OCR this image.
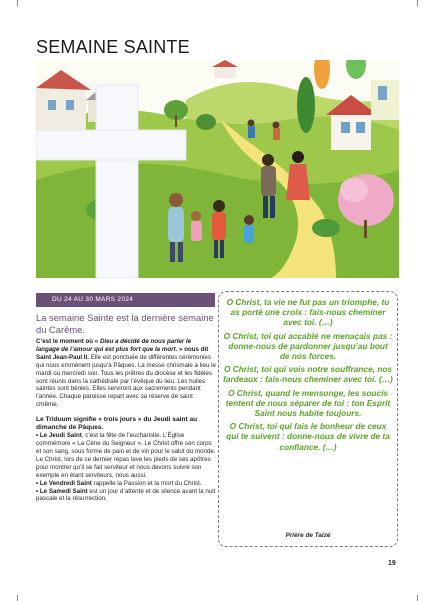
SEMAINE SAINTE
DU 24 AU 30 MARS 2024

La semaine Sainte est la dernière semaine du Carême.

C’est le moment où « Dieu a décidé de nous parler le langage de l’amour qui est plus fort que la mort. » nous dit Saint Jean-Paul II. Elle est ponctuée de différentes cérémonies qui nous emmènent jusqu’à Pâques. La messe chrismale a lieu le mardi ou mercredi soir. Tous les prêtres du diocèse et les fidèles sont réunis dans la cathédrale par l’évêque du lieu. Les huiles saintes sont bénies. Elles serviront aux sacrements pendant l’année. Chaque paroisse repart avec sa réserve de saint chrême.

Le Triduum signifie « trois jours » du Jeudi saint au dimanche de Pâques.

• Le Jeudi Saint, c’est la fête de l’eucharistie. L’Église commémore « La Cène du Seigneur ». Le Christ offre son corps et son sang, sous forme de pain et de vin pour le salut du monde. Le Christ, lors de ce dernier repas lave les pieds de ses apôtres pour montrer qu’il se fait serviteur et nous devons suivre son exemple en étant serviteurs, nous aussi.

• Le Vendredi Saint rappelle la Passion et la mort du Christ.

• Le Samedi Saint est un jour d’attente et de silence avant la nuit pascale et la résurrection.

O Christ, ta vie ne fut pas un triomphe, tu as porté une croix : fais-nous cheminer avec toi. (…)

O Christ, toi qui accablé ne menaçais pas : donne-nous de pardonner jusqu’au bout de nos forces.

O Christ, toi qui vois notre souffrance, nos fardeaux : fais-nous cheminer avec toi. (…)

O Christ, quand le mensonge, les soucis tentent de nous séparer de toi : ton Esprit Saint nous habite toujours.

O Christ, toi qui fais le bonheur de ceux qui te suivent : donne-nous de vivre de ta confiance. (…)

Prière de Taizé
19
